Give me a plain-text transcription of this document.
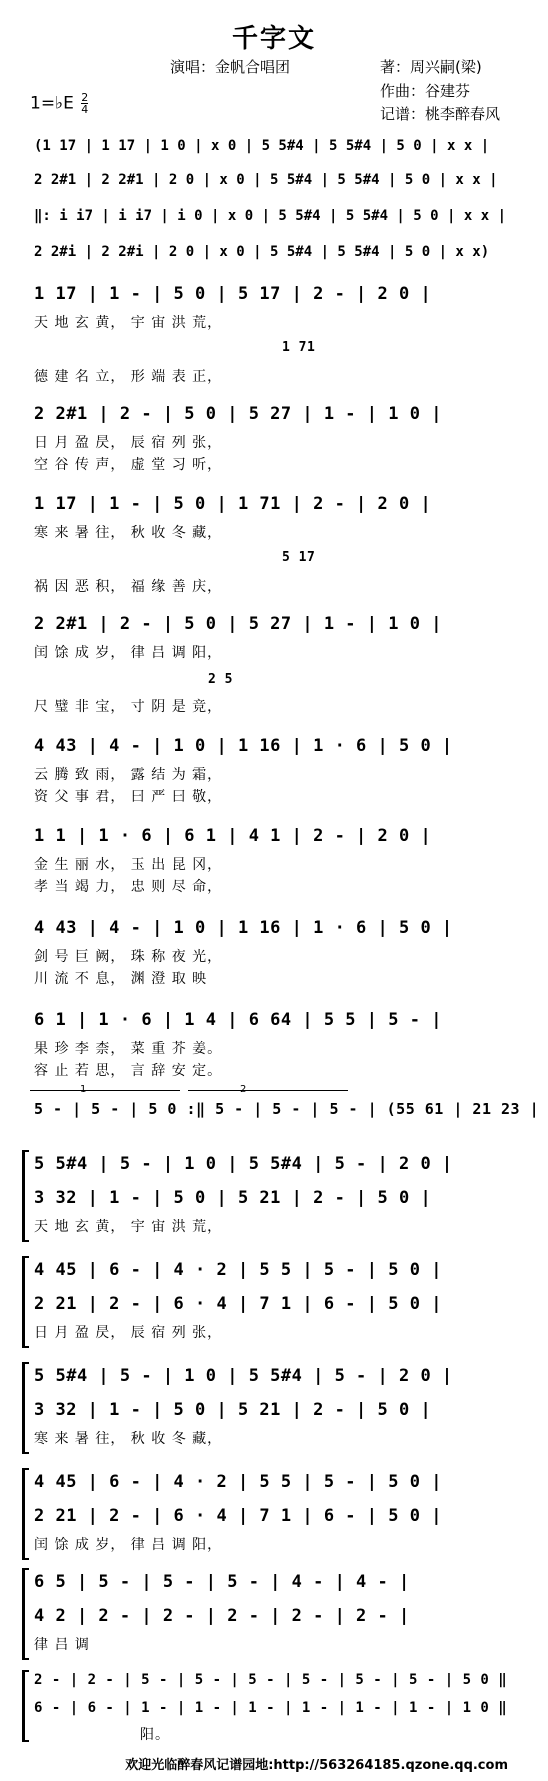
千字文
演唱：金帆合唱团	著：周兴嗣(梁)
作曲：谷建芬
记谱：桃李醉春风
1=♭E $\frac{2}{4}$
(1 17 | 1 17 | 1 0 | x 0 | 5 5#4 | 5 5#4 | 5 0 | x x |
2 2#1 | 2 2#1 | 2 0 | x 0 | 5 5#4 | 5 5#4 | 5 0 | x x |
‖: i i7 | i i7 | i 0 | x 0 | 5 5#4 | 5 5#4 | 5 0 | x x |
2 2#i | 2 2#i | 2 0 | x 0 | 5 5#4 | 5 5#4 | 5 0 | x x)
1 17 | 1 - | 5 0 | 5 17 | 2 - | 2 0 |
天 地 玄 黄， 宇 宙 洪 荒，
1 71
德 建 名 立， 形 端 表 正，
2 2#1 | 2 - | 5 0 | 5 27 | 1 - | 1 0 |
日 月 盈 昃， 辰 宿 列 张，
空 谷 传 声， 虚 堂 习 听，
1 17 | 1 - | 5 0 | 1 71 | 2 - | 2 0 |
寒 来 暑 往， 秋 收 冬 藏，
5 17
祸 因 恶 积， 福 缘 善 庆，
2 2#1 | 2 - | 5 0 | 5 27 | 1 - | 1 0 |
闰 馀 成 岁， 律 吕 调 阳，
2 5
尺 璧 非 宝， 寸 阴 是 竞，
4 43 | 4 - | 1 0 | 1 16 | 1 · 6 | 5 0 |
云 腾 致 雨， 露 结 为 霜，
资 父 事 君， 曰 严 曰 敬，
1 1 | 1 · 6 | 6 1 | 4 1 | 2 - | 2 0 |
金 生 丽 水， 玉 出 昆 冈，
孝 当 竭 力， 忠 则 尽 命，
4 43 | 4 - | 1 0 | 1 16 | 1 · 6 | 5 0 |
剑 号 巨 阙， 珠 称 夜 光，
川 流 不 息， 渊 澄 取 映
6 1 | 1 · 6 | 1 4 | 6 64 | 5 5 | 5 - |
果 珍 李 柰， 菜 重 芥 姜。
容 止 若 思， 言 辞 安 定。
1	2
5 - | 5 - | 5 0 :‖ 5 - | 5 - | 5 - | (55 61 | 21 23 |
5 5#4 | 5 - | 1 0 | 5 5#4 | 5 - | 2 0 |
3 32 | 1 - | 5 0 | 5 21 | 2 - | 5 0 |
天 地 玄 黄， 宇 宙 洪 荒，
4 45 | 6 - | 4 · 2 | 5 5 | 5 - | 5 0 |
2 21 | 2 - | 6 · 4 | 7 1 | 6 - | 5 0 |
日 月 盈 昃， 辰 宿 列 张，
5 5#4 | 5 - | 1 0 | 5 5#4 | 5 - | 2 0 |
3 32 | 1 - | 5 0 | 5 21 | 2 - | 5 0 |
寒 来 暑 往， 秋 收 冬 藏，
4 45 | 6 - | 4 · 2 | 5 5 | 5 - | 5 0 |
2 21 | 2 - | 6 · 4 | 7 1 | 6 - | 5 0 |
闰 馀 成 岁， 律 吕 调 阳，
6 5 | 5 - | 5 - | 5 - | 4 - | 4 - |
4 2 | 2 - | 2 - | 2 - | 2 - | 2 - |
律 吕 调
2 - | 2 - | 5 - | 5 - | 5 - | 5 - | 5 - | 5 - | 5 0 ‖
6 - | 6 - | 1 - | 1 - | 1 - | 1 - | 1 - | 1 - | 1 0 ‖
阳。
欢迎光临醉春风记谱园地:http://563264185.qzone.qq.com
